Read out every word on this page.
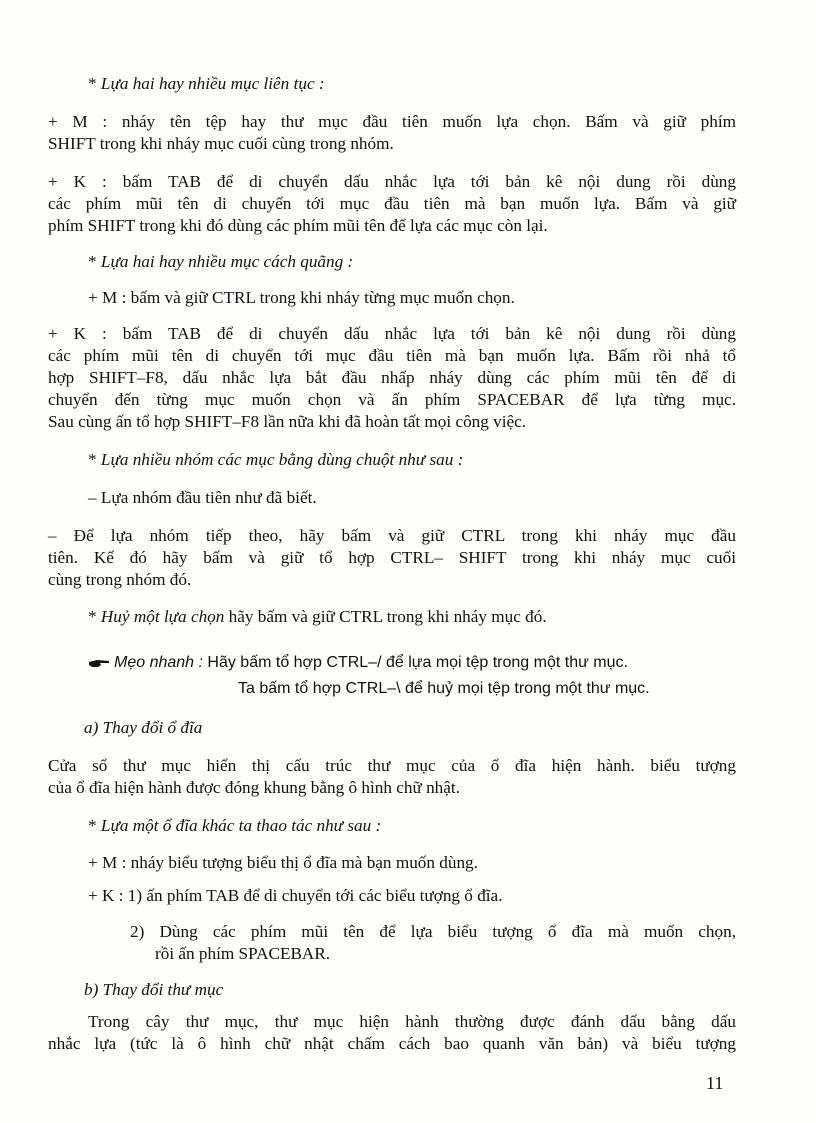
* Lựa hai hay nhiều mục liên tục :
+ M : nháy tên tệp hay thư mục đầu tiên muốn lựa chọn. Bấm và giữ phím
SHIFT trong khi nháy mục cuối cùng trong nhóm.
+ K : bấm TAB để di chuyển dấu nhắc lựa tới bản kê nội dung rồi dùng
các phím mũi tên di chuyển tới mục đầu tiên mà bạn muốn lựa. Bấm và giữ
phím SHIFT trong khi đó dùng các phím mũi tên để lựa các mục còn lại.
* Lựa hai hay nhiều mục cách quãng :
+ M : bấm và giữ CTRL trong khi nháy từng mục muốn chọn.
+ K : bấm TAB để di chuyển dấu nhắc lựa tới bản kê nội dung rồi dùng
các phím mũi tên di chuyển tới mục đầu tiên mà bạn muốn lựa. Bấm rồi nhả tổ
hợp SHIFT–F8, dấu nhắc lựa bắt đầu nhấp nháy dùng các phím mũi tên để di
chuyển đến từng mục muốn chọn và ấn phím SPACEBAR để lựa từng mục.
Sau cùng ấn tổ hợp SHIFT–F8 lần nữa khi đã hoàn tất mọi công việc.
* Lựa nhiều nhóm các mục bằng dùng chuột như sau :
– Lựa nhóm đầu tiên như đã biết.
– Để lựa nhóm tiếp theo, hãy bấm và giữ CTRL trong khi nháy mục đầu
tiên. Kế đó hãy bấm và giữ tổ hợp CTRL– SHIFT trong khi nháy mục cuối
cùng trong nhóm đó.
* Huỷ một lựa chọn hãy bấm và giữ CTRL trong khi nháy mục đó.
Mẹo nhanh : Hãy bấm tổ hợp CTRL–/ để lựa mọi tệp trong một thư mục.
Ta bấm tổ hợp CTRL–\ để huỷ mọi tệp trong một thư mục.
a) Thay đổi ổ đĩa
Cửa sổ thư mục hiển thị cấu trúc thư mục của ổ đĩa hiện hành. biểu tượng
của ổ đĩa hiện hành được đóng khung bằng ô hình chữ nhật.
* Lựa một ổ đĩa khác ta thao tác như sau :
+ M : nháy biểu tượng biểu thị ổ đĩa mà bạn muốn dùng.
+ K : 1) ấn phím TAB để di chuyển tới các biểu tượng ổ đĩa.
2) Dùng các phím mũi tên để lựa biểu tượng ổ đĩa mà muốn chọn,
rồi ấn phím SPACEBAR.
b) Thay đổi thư mục
Trong cây thư mục, thư mục hiện hành thường được đánh dấu bằng dấu
nhắc lựa (tức là ô hình chữ nhật chấm cách bao quanh văn bản) và biểu tượng
11
